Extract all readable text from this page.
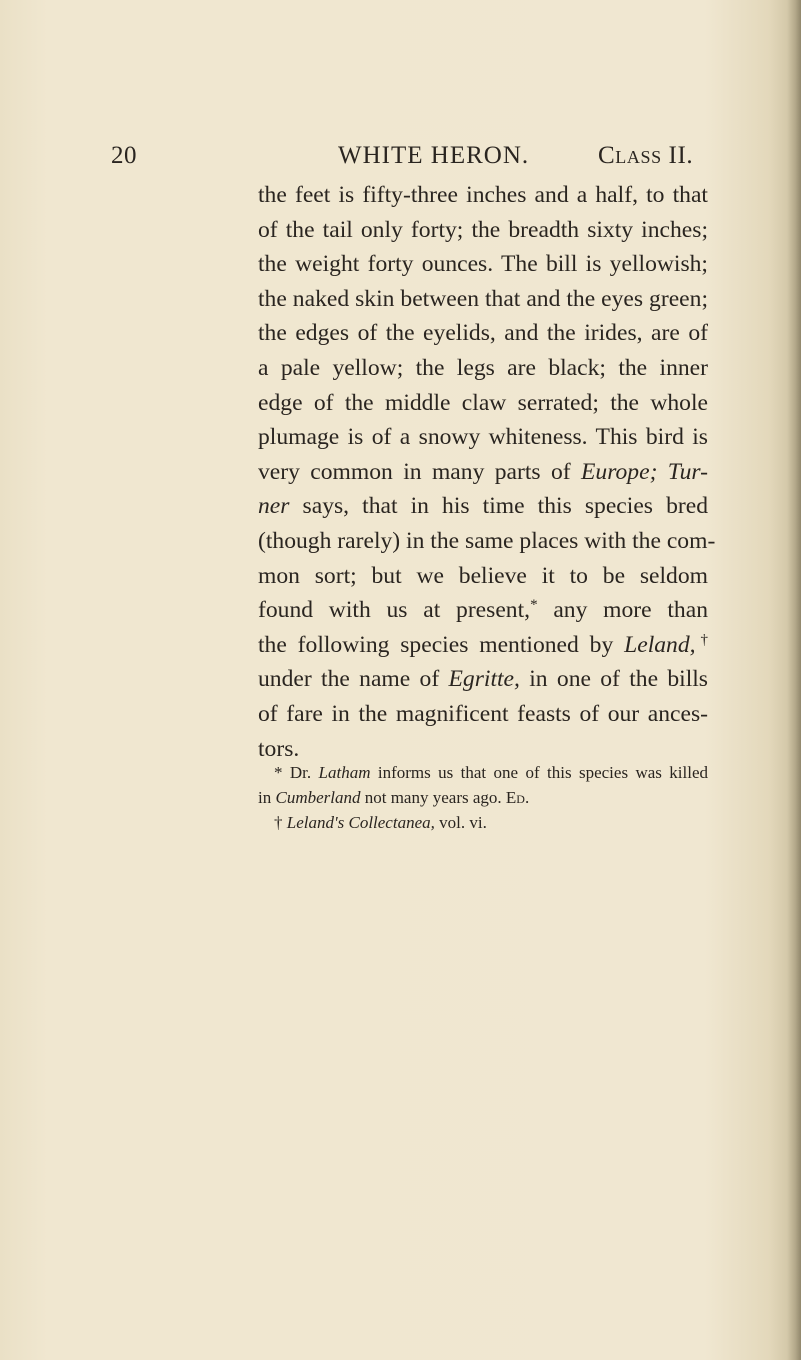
20	WHITE HERON.	Class II.
the feet is fifty-three inches and a half, to that
of the tail only forty; the breadth sixty inches;
the weight forty ounces. The bill is yellowish;
the naked skin between that and the eyes green;
the edges of the eyelids, and the irides, are of
a pale yellow; the legs are black; the inner
edge of the middle claw serrated; the whole
plumage is of a snowy whiteness. This bird is
very common in many parts of Europe; Tur-
ner says, that in his time this species bred
(though rarely) in the same places with the com-
mon sort; but we believe it to be seldom
found with us at present,* any more than
the following species mentioned by Leland,†
under the name of Egritte, in one of the bills
of fare in the magnificent feasts of our ances-
tors.
* Dr. Latham informs us that one of this species was killed
in Cumberland not many years ago. Ed.
† Leland's Collectanea, vol. vi.
